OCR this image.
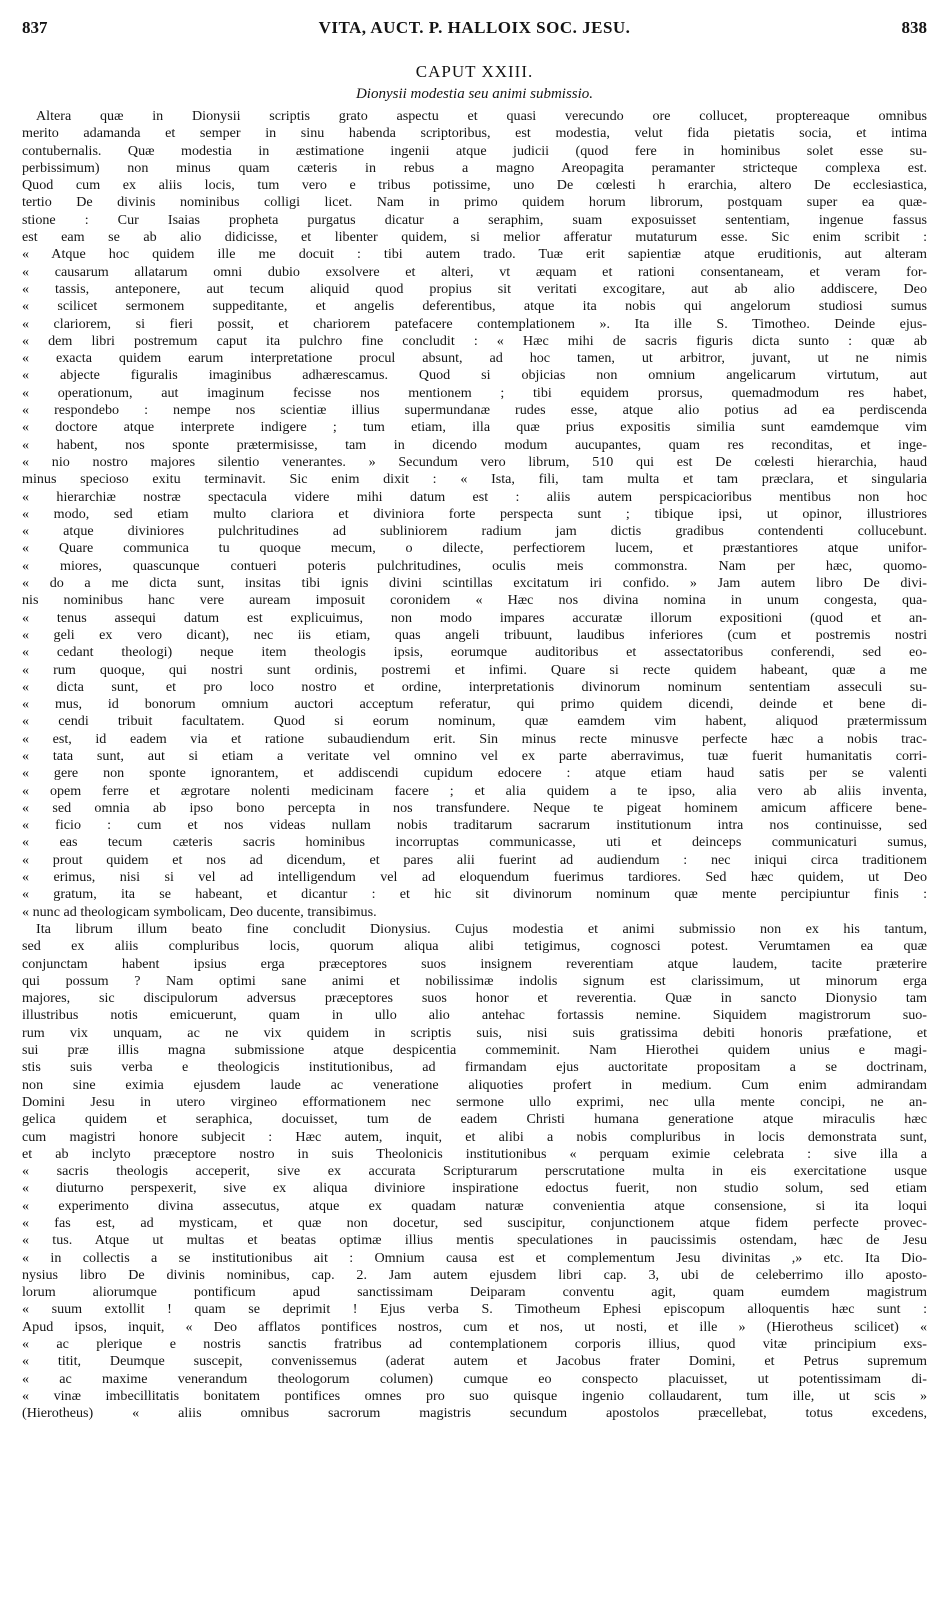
837	VITA, AUCT. P. HALLOIX SOC. JESU.	838
CAPUT XXIII.
Dionysii modestia seu animi submissio.
Altera quæ in Dionysii scriptis grato aspectu et quasi verecundo ore collucet, propt​ereaque omnibus
merito adamanda et semper in sinu habenda scriptoribus, est modestia, velut fida pietatis socia, et intima
contubernalis. Quæ modestia in æstimatione ingenii atque judicii (quod fere in hominibus solet esse su-
perbissimum) non minus quam cæteris in rebus a magno Areopagita peramanter stricteque complexa est.
Quod cum ex aliis locis, tum vero e tribus potissime, uno De cœlesti h erarchia, altero De ecclesiastica,
tertio De divinis nominibus colligi licet. Nam in primo quidem horum librorum, postquam super ea quæ-
stione : Cur Isaias propheta purgatus dicatur a seraphim, suam exposuisset sententiam, ingenue fassus
est eam se ab alio didicisse, et libenter quidem, si melior afferatur mutaturum esse. Sic enim scribit :
« Atque hoc quidem ille me docuit : tibi autem trado. Tuæ erit sapientiæ atque eruditionis, aut alteram
« causarum allatarum omni dubio exsolvere et alteri, vt æquam et rationi consentaneam, et veram for-
« tassis, anteponere, aut tecum aliquid quod propius sit veritati excogitare, aut ab alio addiscere, Deo
« scilicet sermonem suppeditante, et angelis deferentibus, atque ita nobis qui angelorum studiosi sumus
« clariorem, si fieri possit, et chariorem patefacere contemplationem ». Ita ille S. Timotheo. Deinde ejus-
« dem libri postremum caput ita pulchro fine concludit : « Hæc mihi de sacris figuris dicta sunto : quæ ab
« exacta quidem earum interpretatione procul absunt, ad hoc tamen, ut arbitror, juvant, ut ne nimis
« abjecte figuralis imaginibus adhærescamus. Quod si objicias non omnium angelicarum virtutum, aut
« operationum, aut imaginum fecisse nos mentionem ; tibi equidem prorsus, quemadmodum res habet,
« respondebo : nempe nos scientiæ illius supermundanæ rudes esse, atque alio potius ad ea perdiscenda
« doctore atque interprete indigere ; tum etiam, illa quæ prius expositis similia sunt eamdemque vim
« habent, nos sponte prætermisisse, tam in dicendo modum aucupantes, quam res reconditas, et inge-
« nio nostro majores silentio venerantes. » Secundum vero librum, 510 qui est De cœlesti hierarchia, haud
minus specioso exitu terminavit. Sic enim dixit : « Ista, fili, tam multa et tam præclara, et singularia
« hierarchiæ nostræ spectacula videre mihi datum est : aliis autem perspicacioribus mentibus non hoc
« modo, sed etiam multo clariora et diviniora forte perspecta sunt ; tibique ipsi, ut opinor, illustriores
« atque diviniores pulchritudines ad subliniorem radium jam dictis gradibus contendenti collucebunt.
« Quare communica tu quoque mecum, o dilecte, perfectiorem lucem, et præstantiores atque unifor-
« miores, quascunque contueri poteris pulchritudines, oculis meis commonstra. Nam per hæc, quomo-
« do a me dicta sunt, insitas tibi ignis divini scintillas excitatum iri confido. » Jam autem libro De divi-
nis nominibus hanc vere auream imposuit coronidem « Hæc nos divina nomina in unum congesta, qua-
« tenus assequi datum est explicuimus, non modo impares accuratæ illorum expositioni (quod et an-
« geli ex vero dicant), nec iis etiam, quas angeli tribuunt, laudibus inferiores (cum et postremis nostri
« cedant theologi) neque item theologis ipsis, eorumque auditoribus et assectatoribus conferendi, sed eo-
« rum quoque, qui nostri sunt ordinis, postremi et infimi. Quare si recte quidem habeant, quæ a me
« dicta sunt, et pro loco nostro et ordine, interpretationis divinorum nominum sententiam asseculi su-
« mus, id bonorum omnium auctori acceptum referatur, qui primo quidem dicendi, deinde et bene di-
« cendi tribuit facultatem. Quod si eorum nominum, quæ eamdem vim habent, aliquod prætermissum
« est, id eadem via et ratione subaudiendum erit. Sin minus recte minusve perfecte hæc a nobis trac-
« tata sunt, aut si etiam a veritate vel omnino vel ex parte aberravimus, tuæ fuerit humanitatis corri-
« gere non sponte ignorantem, et addiscendi cupidum edocere : atque etiam haud satis per se valenti
« opem ferre et ægrotare nolenti medicinam facere ; et alia quidem a te ipso, alia vero ab aliis inventa,
« sed omnia ab ipso bono percepta in nos transfundere. Neque te pigeat hominem amicum afficere bene-
« ficio : cum et nos videas nullam nobis traditarum sacrarum institutionum intra nos continuisse, sed
« eas tecum cæteris sacris hominibus incorruptas communicasse, uti et deinceps communicaturi sumus,
« prout quidem et nos ad dicendum, et pares alii fuerint ad audiendum : nec iniqui circa traditionem
« erimus, nisi si vel ad intelligendum vel ad eloquendum fuerimus tardiores. Sed hæc quidem, ut Deo
« gratum, ita se habeant, et dicantur : et hic sit divinorum nominum quæ mente percipiuntur finis :
« nunc ad theologicam symbolicam, Deo ducente, transibimus.
Ita librum illum beato fine concludit Dionysius. Cujus modestia et animi submissio non ex his tantum,
sed ex aliis compluribus locis, quorum aliqua alibi tetigimus, cognosci potest. Verumtamen ea quæ
conjunctam habent ipsius erga præceptores suos insignem reverentiam atque laudem, tacite præterire
qui possum ? Nam optimi sane animi et nobilissimæ indolis signum est clarissimum, ut minorum erga
majores, sic discipulorum adversus præceptores suos honor et reverentia. Quæ in sancto Dionysio tam
illustribus notis emicuerunt, quam in ullo alio antehac fortassis nemine. Siquidem magistrorum suo-
rum vix unquam, ac ne vix quidem in scriptis suis, nisi suis gratissima debiti honoris præfatione, et
sui præ illis magna submissione atque despicentia commeminit. Nam Hierothei quidem unius e magi-
stis suis verba e theologicis institutionibus, ad firmandam ejus auctoritate propositam a se doctrinam,
non sine eximia ejusdem laude ac veneratione aliquoties profert in medium. Cum enim admirandam
Domini Jesu in utero virgineo efformationem nec sermone ullo exprimi, nec ulla mente concipi, ne an-
gelica quidem et seraphica, docuisset, tum de eadem Christi humana generatione atque miraculis hæc
cum magistri honore subjecit : Hæc autem, inquit, et alibi a nobis compluribus in locis demonstrata sunt,
et ab inclyto præceptore nostro in suis Theolonicis institutionibus « perquam eximie celebrata : sive illa a
« sacris theologis acceperit, sive ex accurata Scripturarum perscrutatione multa in eis exercitatione usque
« diuturno perspexerit, sive ex aliqua diviniore inspiratione edoctus fuerit, non studio solum, sed etiam
« experimento divina assecutus, atque ex quadam naturæ convenientia atque consensione, si ita loqui
« fas est, ad mysticam, et quæ non docetur, sed suscipitur, conjunctionem atque fidem perfecte provec-
« tus. Atque ut multas et beatas optimæ illius mentis speculationes in paucissimis ostendam, hæc de Jesu
« in collectis a se institutionibus ait : Omnium causa est et complementum Jesu divinitas ,» etc. Ita Dio-
nysius libro De divinis nominibus, cap. 2. Jam autem ejusdem libri cap. 3, ubi de celeberrimo illo aposto-
lorum aliorumque pontificum apud sanctissimam Deiparam conventu agit, quam eumdem magistrum
« suum extollit ! quam se deprimit ! Ejus verba S. Timotheum Ephesi episcopum alloquentis hæc sunt :
Apud ipsos, inquit, « Deo afflatos pontifices nostros, cum et nos, ut nosti, et ille » (Hierotheus scilicet) «
« ac plerique e nostris sanctis fratribus ad contemplationem corporis illius, quod vitæ principium exs-
« titit, Deumque suscepit, convenissemus (aderat autem et Jacobus frater Domini, et Petrus supremum
« ac maxime venerandum theologorum columen) cumque eo conspecto placuisset, ut potentissimam di-
« vinæ imbecillitatis bonitatem pontifices omnes pro suo quisque ingenio collaudarent, tum ille, ut scis »
(Hierotheus) « aliis omnibus sacrorum magistris secundum apostolos præcellebat, totus excedens,
